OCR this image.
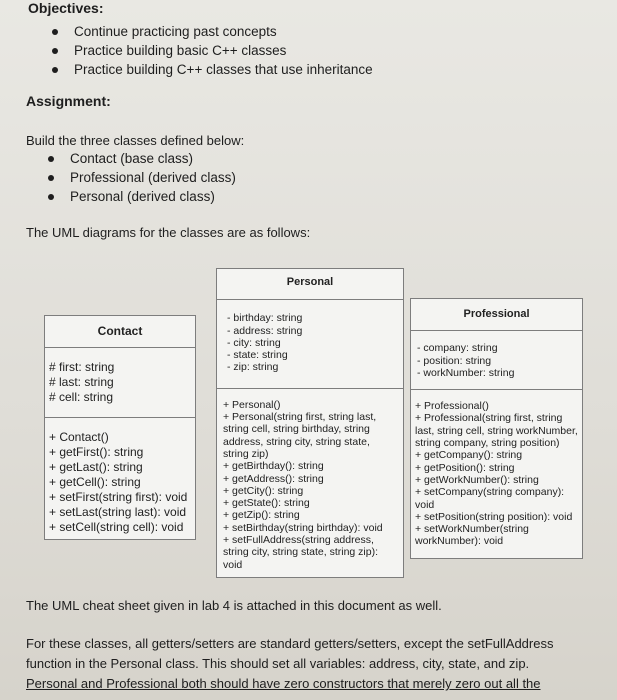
Objectives:
Continue practicing past concepts
Practice building basic C++ classes
Practice building C++ classes that use inheritance
Assignment:
Build the three classes defined below:
Contact (base class)
Professional (derived class)
Personal (derived class)
The UML diagrams for the classes are as follows:
Contact
# first: string
# last: string
# cell: string
+ Contact()
+ getFirst(): string
+ getLast(): string
+ getCell(): string
+ setFirst(string first): void
+ setLast(string last): void
+ setCell(string cell): void
Personal
- birthday: string
- address: string
- city: string
- state: string
- zip: string
+ Personal()
+ Personal(string first, string last,
string cell, string birthday, string
address, string city, string state,
string zip)
+ getBirthday(): string
+ getAddress(): string
+ getCity(): string
+ getState(): string
+ getZip(): string
+ setBirthday(string birthday): void
+ setFullAddress(string address,
string city, string state, string zip):
void
Professional
- company: string
- position: string
- workNumber: string
+ Professional()
+ Professional(string first, string
last, string cell, string workNumber,
string company, string position)
+ getCompany(): string
+ getPosition(): string
+ getWorkNumber(): string
+ setCompany(string company):
void
+ setPosition(string position): void
+ setWorkNumber(string
workNumber): void
The UML cheat sheet given in lab 4 is attached in this document as well.
For these classes, all getters/setters are standard getters/setters, except the setFullAddress
function in the Personal class. This should set all variables: address, city, state, and zip.
Personal and Professional both should have zero constructors that merely zero out all the
